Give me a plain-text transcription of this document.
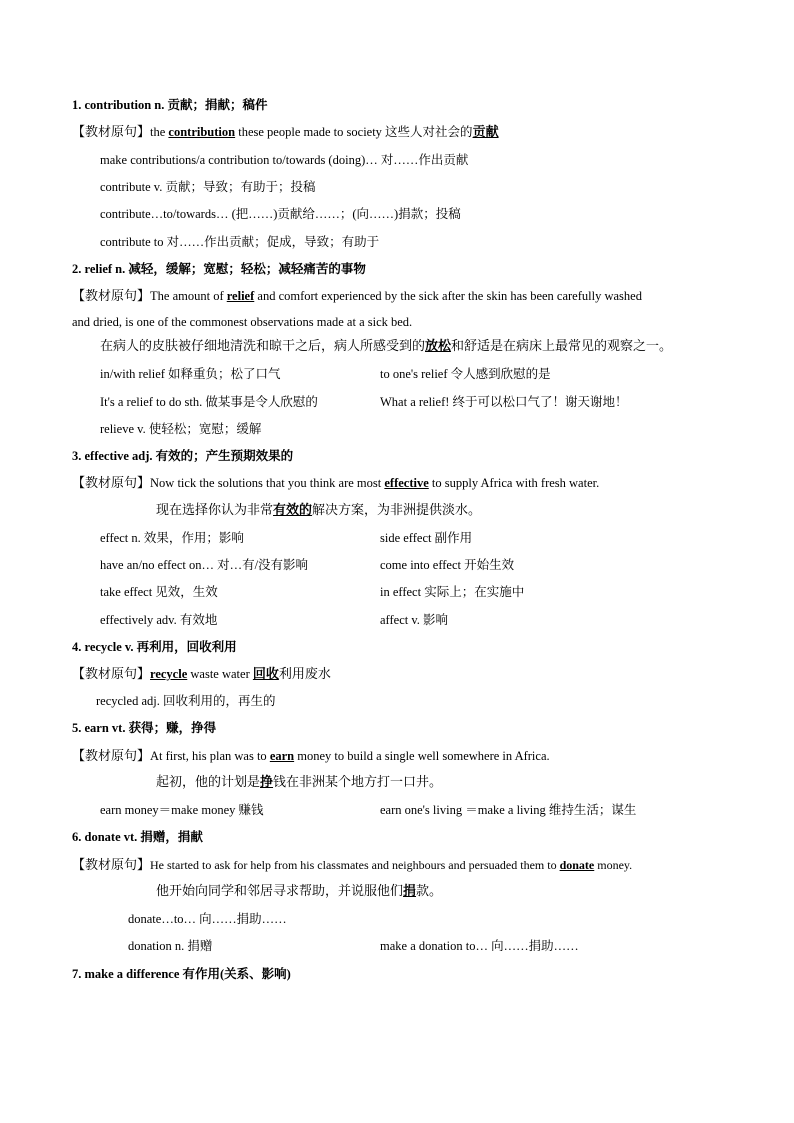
1. contribution n. 贡献；捐献；稿件
【教材原句】the contribution these people made to society 这些人对社会的贡献
make contributions/a contribution to/towards (doing)… 对……作出贡献
contribute v. 贡献；导致；有助于；投稿
contribute…to/towards… (把……)贡献给……；(向……)捐款；投稿
contribute to 对……作出贡献；促成，导致；有助于
2. relief n. 减轻，缓解；宽慰；轻松；减轻痛苦的事物
【教材原句】The amount of relief and comfort experienced by the sick after the skin has been carefully washed
and dried, is one of the commonest observations made at a sick bed.
在病人的皮肤被仔细地清洗和晾干之后，病人所感受到的放松和舒适是在病床上最常见的观察之一。
in/with relief 如释重负；松了口气	to one's relief 令人感到欣慰的是
It's a relief to do sth. 做某事是令人欣慰的	What a relief! 终于可以松口气了！谢天谢地！
relieve v. 使轻松；宽慰；缓解
3. effective adj. 有效的；产生预期效果的
【教材原句】Now tick the solutions that you think are most effective to supply Africa with fresh water.
现在选择你认为非常有效的解决方案，为非洲提供淡水。
effect n. 效果，作用；影响	side effect 副作用
have an/no effect on… 对…有/没有影响	come into effect 开始生效
take effect 见效，生效	in effect 实际上；在实施中
effectively adv. 有效地	affect v. 影响
4. recycle v. 再利用，回收利用
【教材原句】recycle waste water 回收利用废水
recycled adj. 回收利用的，再生的
5. earn vt. 获得；赚，挣得
【教材原句】At first, his plan was to earn money to build a single well somewhere in Africa.
起初，他的计划是挣钱在非洲某个地方打一口井。
earn money＝make money 赚钱	earn one's living ＝make a living 维持生活；谋生
6. donate vt. 捐赠，捐献
【教材原句】He started to ask for help from his classmates and neighbours and persuaded them to donate money.
他开始向同学和邻居寻求帮助，并说服他们捐款。
donate…to… 向……捐助……
donation n. 捐赠	make a donation to… 向……捐助……
7. make a difference 有作用(关系、影响)
